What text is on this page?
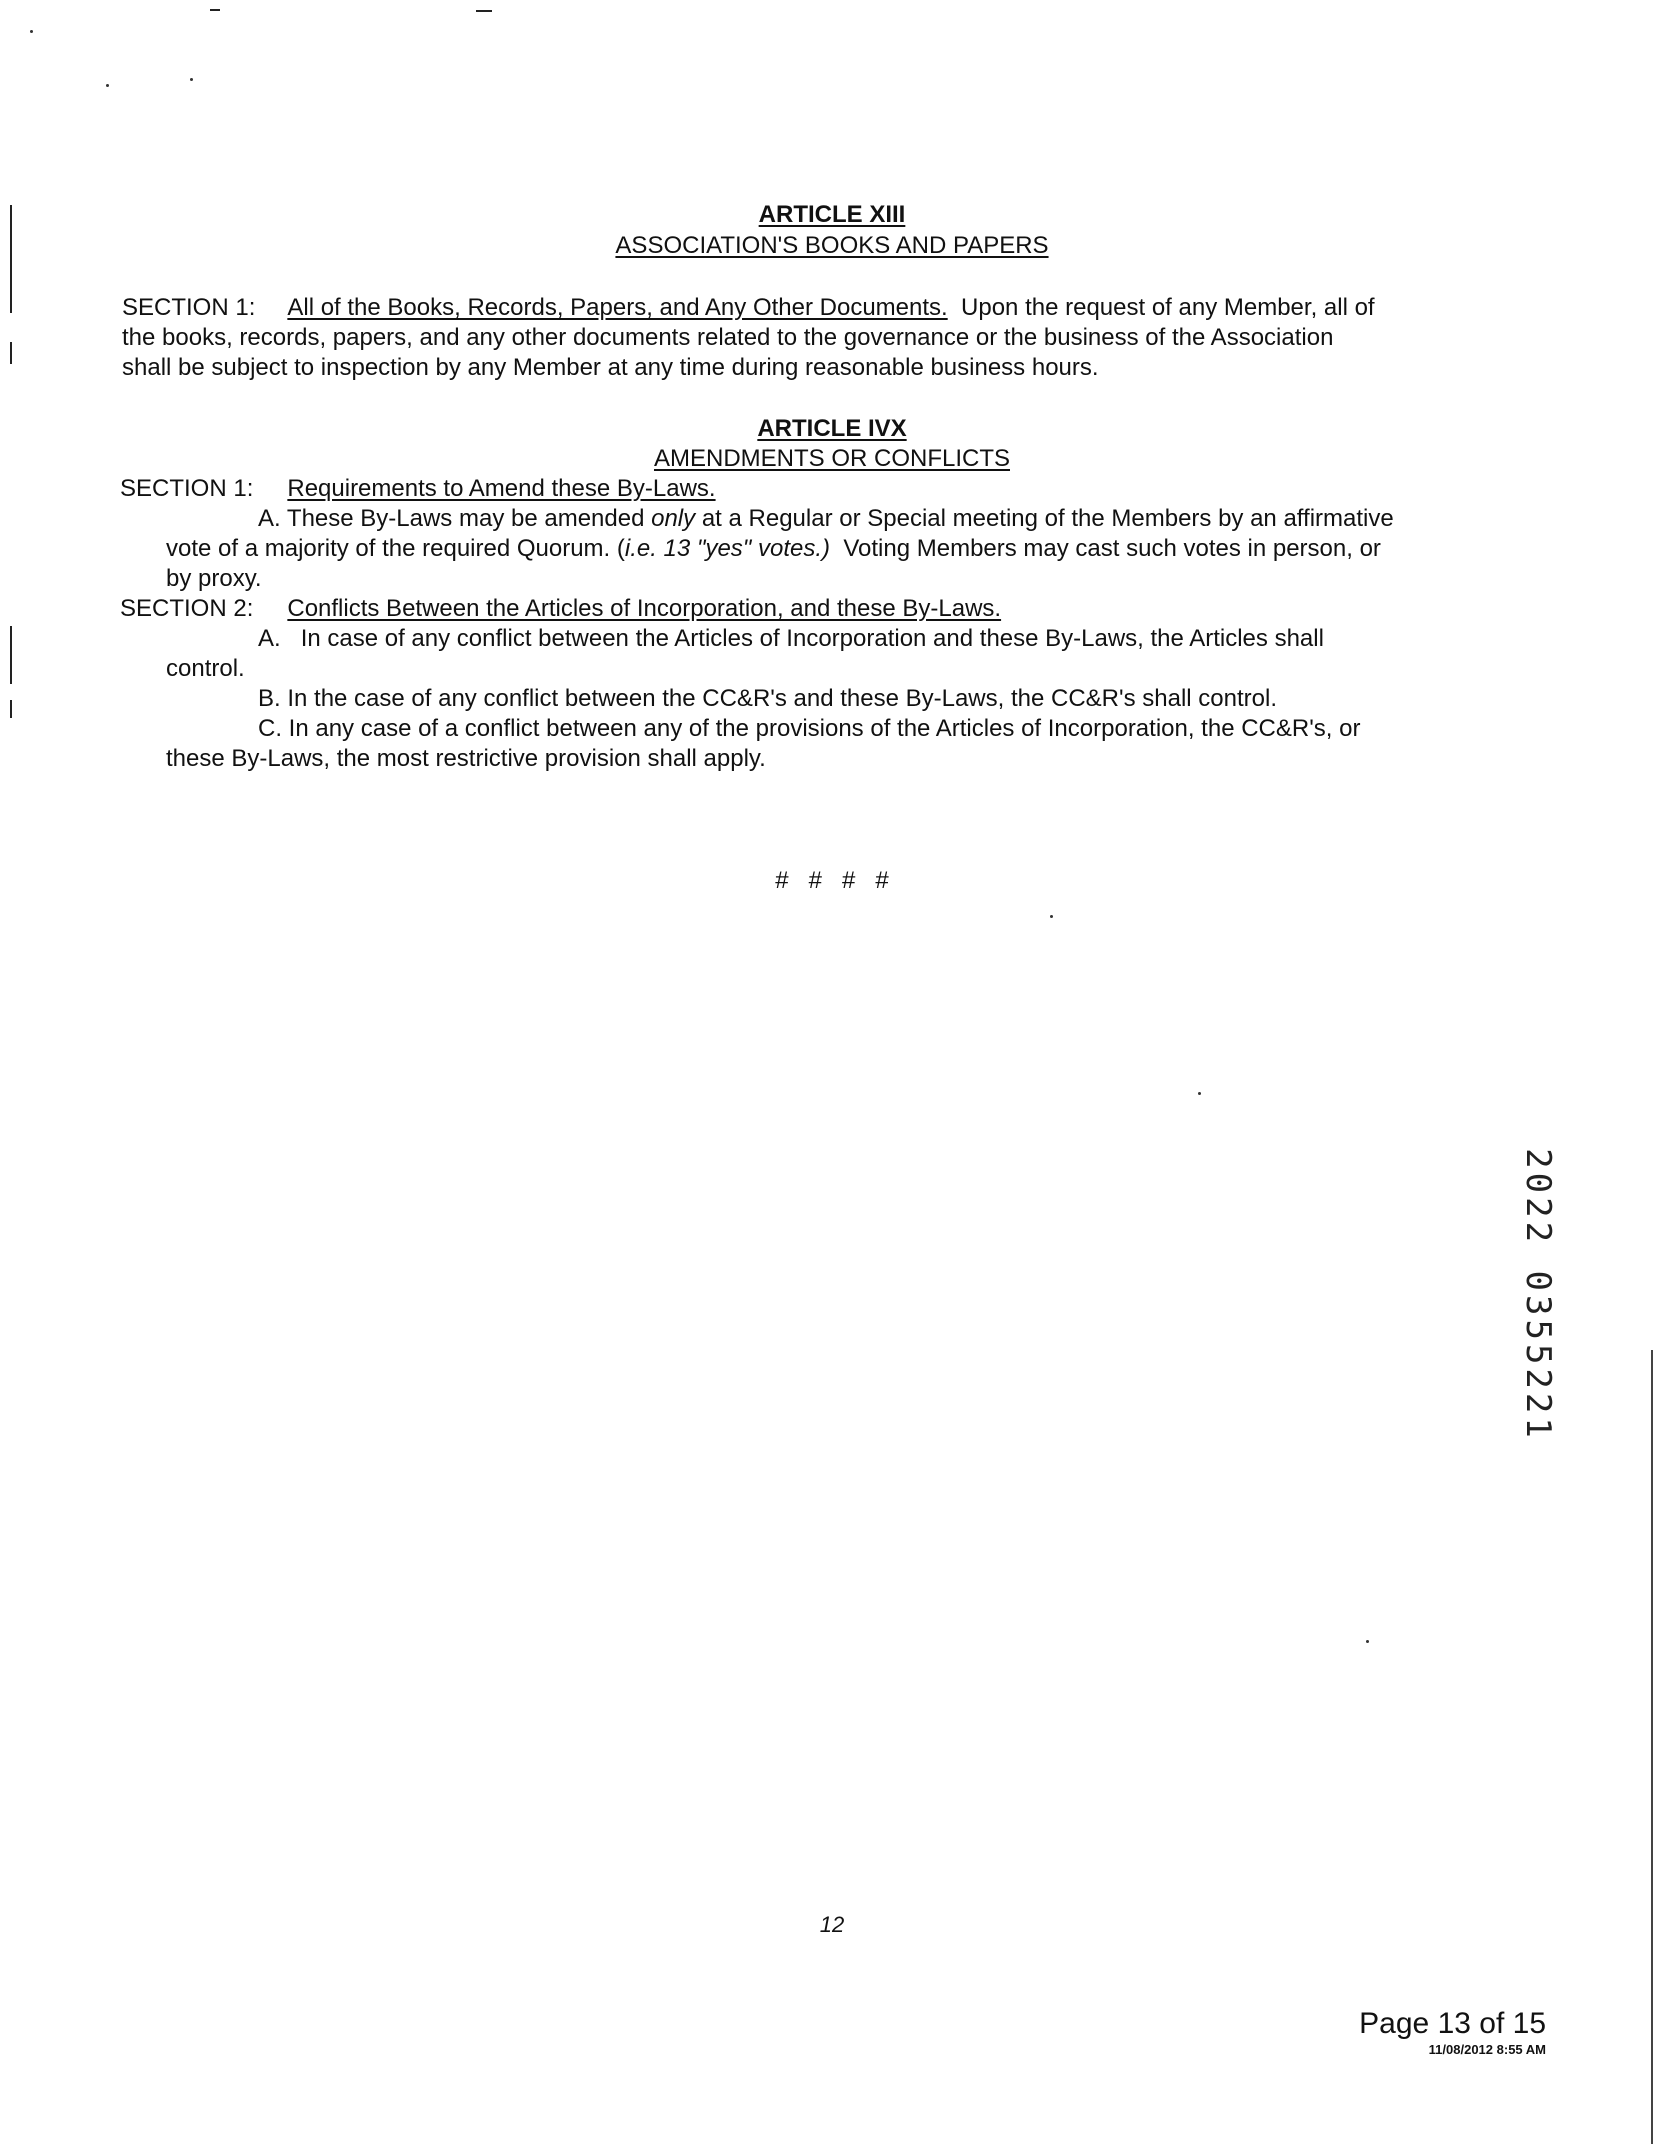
ARTICLE XIII
ASSOCIATION'S BOOKS AND PAPERS
SECTION 1: All of the Books, Records, Papers, and Any Other Documents. Upon the request of any Member, all of
the books, records, papers, and any other documents related to the governance or the business of the Association
shall be subject to inspection by any Member at any time during reasonable business hours.
ARTICLE IVX
AMENDMENTS OR CONFLICTS
SECTION 1: Requirements to Amend these By-Laws.
A. These By-Laws may be amended only at a Regular or Special meeting of the Members by an affirmative
vote of a majority of the required Quorum. (i.e. 13 "yes" votes.) Voting Members may cast such votes in person, or
by proxy.
SECTION 2: Conflicts Between the Articles of Incorporation, and these By-Laws.
A. In case of any conflict between the Articles of Incorporation and these By-Laws, the Articles shall
control.
B. In the case of any conflict between the CC&R's and these By-Laws, the CC&R's shall control.
C. In any case of a conflict between any of the provisions of the Articles of Incorporation, the CC&R's, or
these By-Laws, the most restrictive provision shall apply.
#   #   #   #
12
Page 13 of 15
11/08/2012 8:55 AM
2022 0355221
